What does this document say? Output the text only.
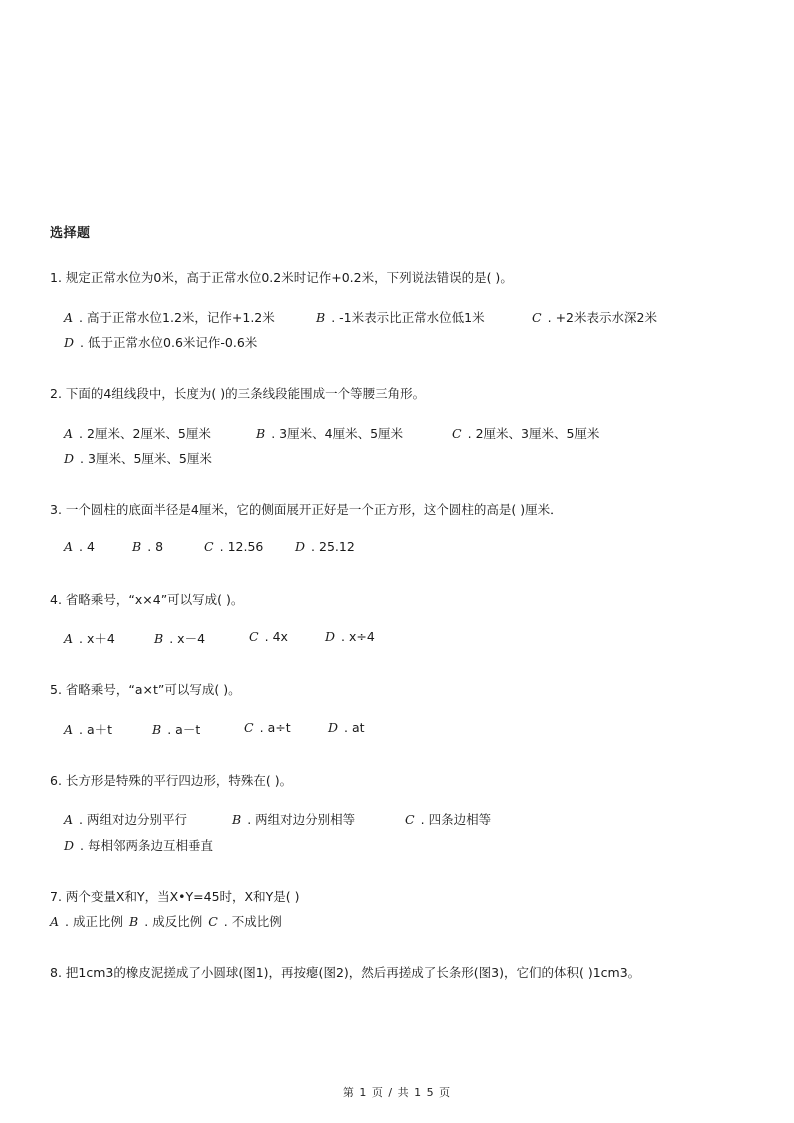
选择题
1. 规定正常水位为0米，高于正常水位0.2米时记作+0.2米，下列说法错误的是( )。
A . 高于正常水位1.2米，记作+1.2米	B . -1米表示比正常水位低1米	C . +2米表示水深2米
D . 低于正常水位0.6米记作-0.6米
2. 下面的4组线段中，长度为( )的三条线段能围成一个等腰三角形。
A . 2厘米、2厘米、5厘米	B . 3厘米、4厘米、5厘米	C . 2厘米、3厘米、5厘米
D . 3厘米、5厘米、5厘米
3. 一个圆柱的底面半径是4厘米，它的侧面展开正好是一个正方形，这个圆柱的高是( )厘米．
A . 4	B . 8	C . 12.56	D . 25.12
4. 省略乘号，“x×4”可以写成( )。
A . x＋4	B . x－4	C . 4x	D . x÷4
5. 省略乘号，“a×t”可以写成( )。
A . a＋t	B . a－t	C . a÷t	D . at
6. 长方形是特殊的平行四边形，特殊在( )。
A . 两组对边分别平行	B . 两组对边分别相等	C . 四条边相等
D . 每相邻两条边互相垂直
7. 两个变量X和Y，当X•Y=45时，X和Y是( )
A . 成正比例 B . 成反比例 C . 不成比例
8. 把1cm3的橡皮泥搓成了小圆球(图1)，再按瘪(图2)，然后再搓成了长条形(图3)，它们的体积( )1cm3。
第 1 页 / 共 1 5 页
